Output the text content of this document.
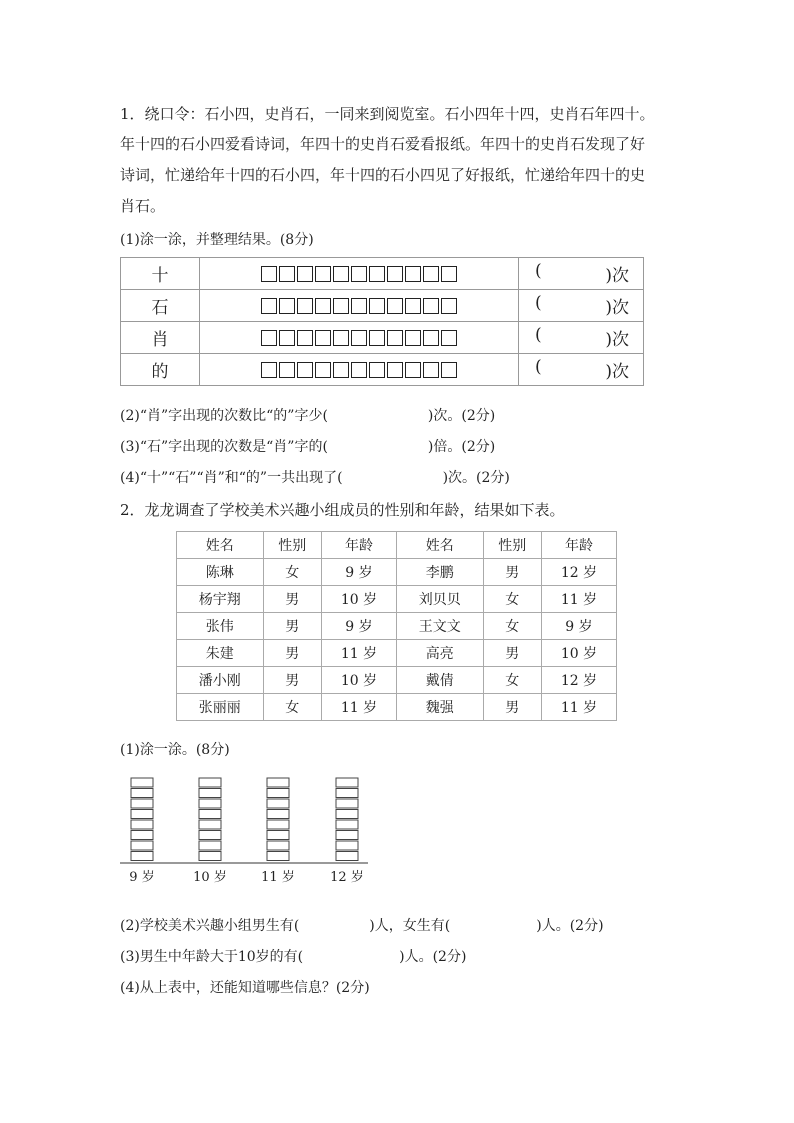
1．绕口令：石小四，史肖石，一同来到阅览室。石小四年十四，史肖石年四十。
年十四的石小四爱看诗词，年四十的史肖石爱看报纸。年四十的史肖石发现了好
诗词，忙递给年十四的石小四，年十四的石小四见了好报纸，忙递给年四十的史
肖石。
(1)涂一涂，并整理结果。(8分)
十		( )次

石		( )次

肖		( )次

的		( )次
(2)“肖”字出现的次数比“的”字少(	)次。(2分)
(3)“石”字出现的次数是“肖”字的(	)倍。(2分)
(4)“十”“石”“肖”和“的”一共出现了(	)次。(2分)
2．龙龙调查了学校美术兴趣小组成员的性别和年龄，结果如下表。
姓名	性别	年龄	姓名	性别	年龄
陈琳	女	9 岁	李鹏	男	12 岁
杨宇翔	男	10 岁	刘贝贝	女	11 岁
张伟	男	9 岁	王文文	女	9 岁
朱建	男	11 岁	高亮	男	10 岁
潘小刚	男	10 岁	戴倩	女	12 岁
张丽丽	女	11 岁	魏强	男	11 岁
(1)涂一涂。(8分)
9 岁	10 岁	11 岁	12 岁
(2)学校美术兴趣小组男生有(	)人，女生有(	)人。(2分)
(3)男生中年龄大于10岁的有(	)人。(2分)
(4)从上表中，还能知道哪些信息？(2分)
